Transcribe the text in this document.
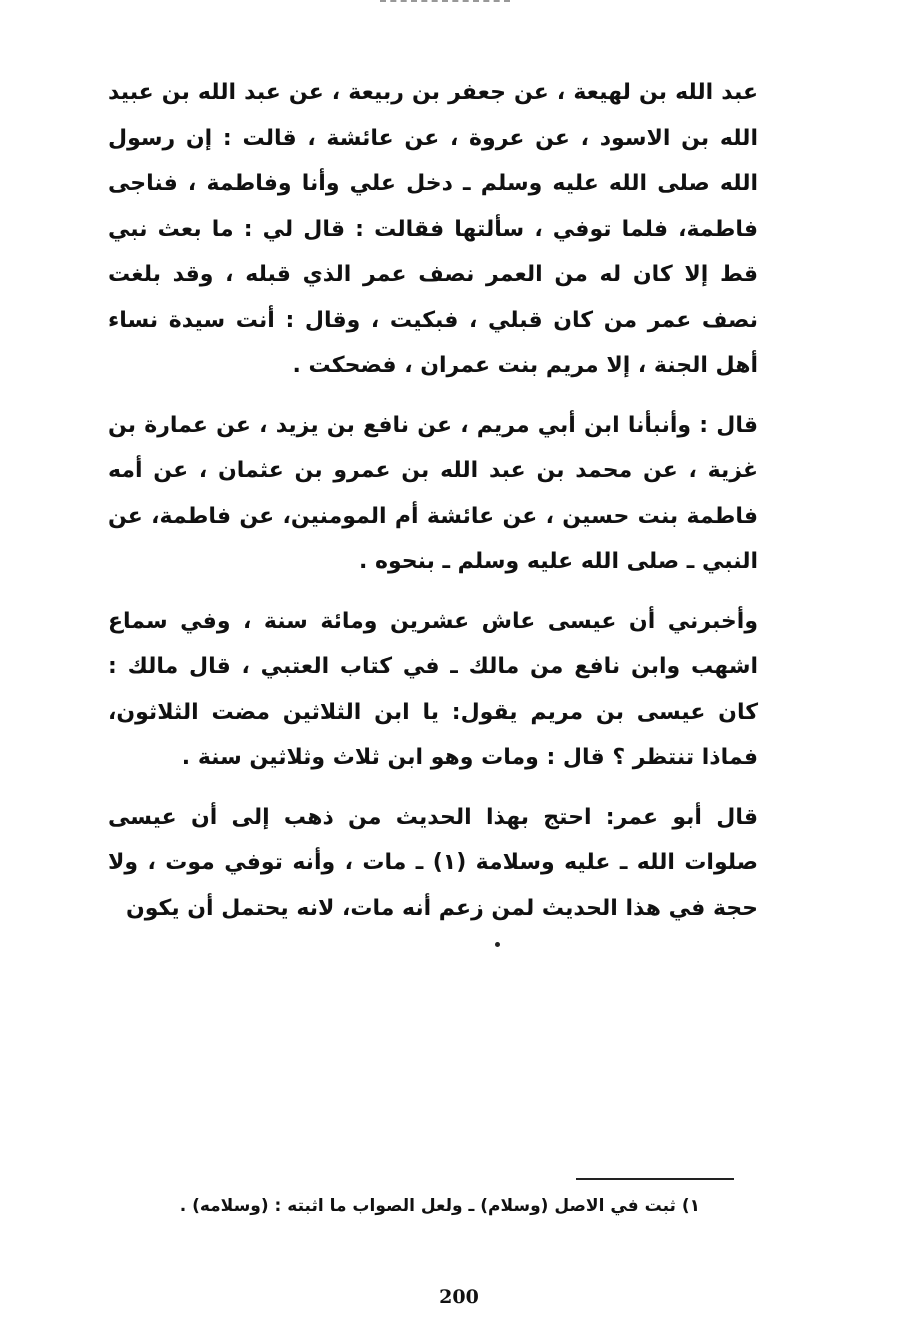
عبد الله بن لهيعة ، عن جعفر بن ربيعة ، عن عبد الله بن عبيد الله بن الاسود ، عن عروة ، عن عائشة ، قالت : إن رسول الله صلى الله عليه وسلم ـ دخل علي وأنا وفاطمة ، فناجى فاطمة، فلما توفي ، سألتها فقالت : قال لي : ما بعث نبي قط إلا كان له من العمر نصف عمر الذي قبله ، وقد بلغت نصف عمر من كان قبلي ، فبكيت ، وقال : أنت سيدة نساء أهل الجنة ، إلا مريم بنت عمران ، فضحكت .

قال : وأنبأنا ابن أبي مريم ، عن نافع بن يزيد ، عن عمارة بن غزية ، عن محمد بن عبد الله بن عمرو بن عثمان ، عن أمه فاطمة بنت حسين ، عن عائشة أم المومنين، عن فاطمة، عن النبي ـ صلى الله عليه وسلم ـ بنحوه .

وأخبرني أن عيسى عاش عشرين ومائة سنة ، وفي سماع اشهب وابن نافع من مالك ـ في كتاب العتبي ، قال مالك : كان عيسى بن مريم يقول: يا ابن الثلاثين مضت الثلاثون، فماذا تنتظر ؟ قال : ومات وهو ابن ثلاث وثلاثين سنة .

قال أبو عمر: احتج بهذا الحديث من ذهب إلى أن عيسى صلوات الله ـ عليه وسلامة (١) ـ مات ، وأنه توفي موت ، ولا حجة في هذا الحديث لمن زعم أنه مات، لانه يحتمل أن يكون

١) ثبت في الاصل (وسلام) ـ ولعل الصواب ما اثبته : (وسلامه) .
200
